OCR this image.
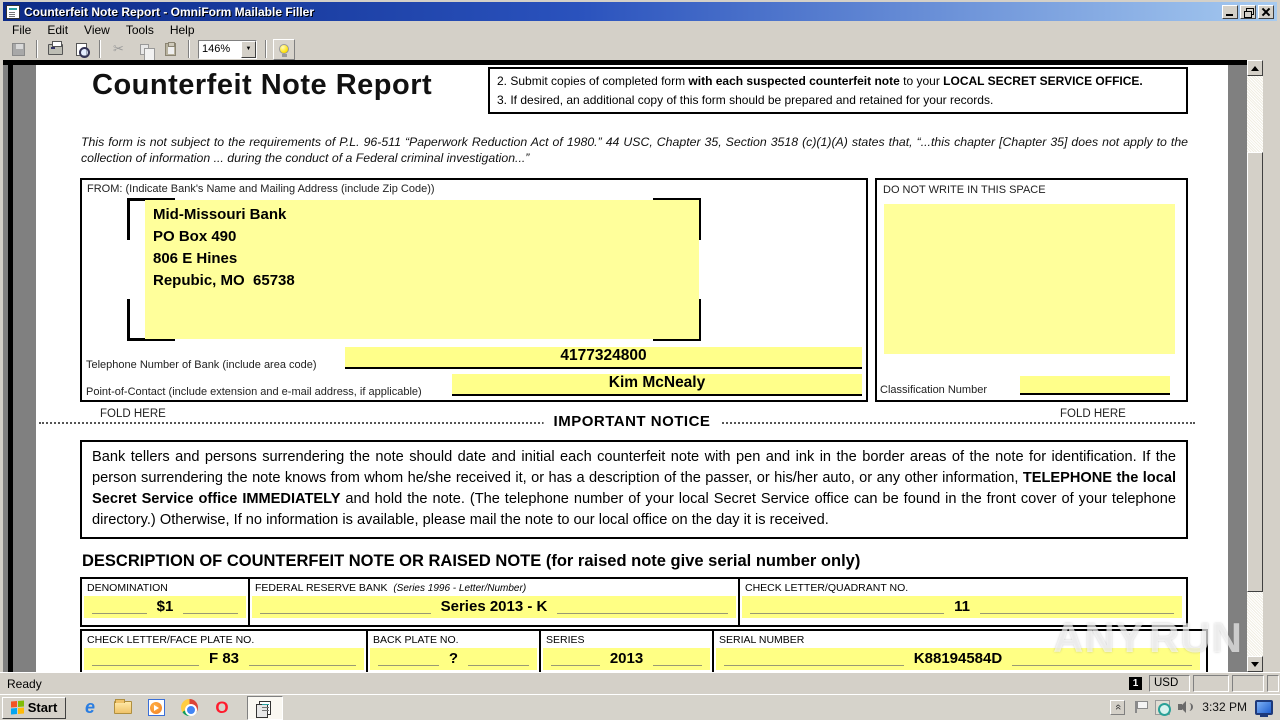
Counterfeit Note Report - OmniForm Mailable Filler
File	Edit	View	Tools	Help
✂	146%	▼
Counterfeit Note Report	2. Submit copies of completed form with each suspected counterfeit note to your LOCAL SECRET SERVICE OFFICE.
3. If desired, an additional copy of this form should be prepared and retained for your records.
This form is not subject to the requirements of P.L. 96-511 “Paperwork Reduction Act of 1980.” 44 USC, Chapter 35, Section 3518 (c)(1)(A) states that, “...this chapter [Chapter 35] does not apply to the collection of information ... during the conduct of a Federal criminal investigation...”
FROM: (Indicate Bank's Name and Mailing Address (include Zip Code))
Mid-Missouri Bank
PO Box 490
806 E Hines
Repubic, MO  65738
Telephone Number of Bank (include area code)
4177324800
Point-of-Contact (include extension and e-mail address, if applicable)
Kim McNealy
DO NOT WRITE IN THIS SPACE
Classification Number
FOLD HERE	FOLD HERE
IMPORTANT NOTICE
Bank tellers and persons surrendering the note should date and initial each counterfeit note with pen and ink in the border areas of the note for identification. If the person surrendering the note knows from whom he/she received it, or has a description of the passer, or his/her auto, or any other information, TELEPHONE the local Secret Service office IMMEDIATELY and hold the note. (The telephone number of your local Secret Service office can be found in the front cover of your telephone directory.) Otherwise, If no information is available, please mail the note to our local office on the day it is received.
DESCRIPTION OF COUNTERFEIT NOTE OR RAISED NOTE (for raised note give serial number only)
DENOMINATION
$1
FEDERAL RESERVE BANK (Series 1996 - Letter/Number)
Series 2013 - K
CHECK LETTER/QUADRANT NO.
11
CHECK LETTER/FACE PLATE NO.
F 83
BACK PLATE NO.
?
SERIES
2013
SERIAL NUMBER
K88194584D	ANY RUN
Ready	1	USD
Start e	O	«	3:32 PM
